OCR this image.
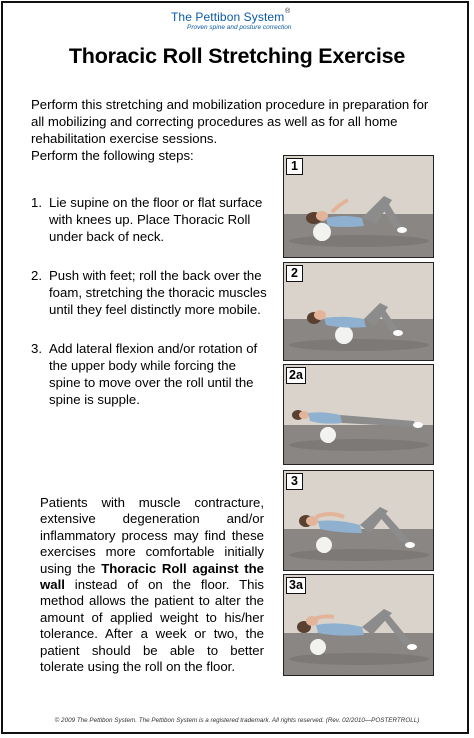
The Pettibon System ®
Proven spine and posture correction
Thoracic Roll Stretching Exercise
Perform this stretching and mobilization procedure in preparation for
all mobilizing and correcting procedures as well as for all home
rehabilitation exercise sessions.
Perform the following steps:
1. Lie supine on the floor or flat surface
with knees up. Place Thoracic Roll
under back of neck.
2. Push with feet; roll the back over the
foam, stretching the thoracic muscles
until they feel distinctly more mobile.
3. Add lateral flexion and/or rotation of
the upper body while forcing the
spine to move over the roll until the
spine is supple.
Patients with muscle contracture, extensive degeneration and/or inflammatory process may find these exercises more comfortable initially using the Thoracic Roll against the wall instead of on the floor. This method allows the patient to alter the amount of applied weight to his/her tolerance. After a week or two, the patient should be able to better tolerate using the roll on the floor.
1
2
2a
3
3a
© 2009 The Pettibon System. The Pettibon System is a registered trademark. All rights reserved. (Rev. 02/2010—POSTERTROLL)
